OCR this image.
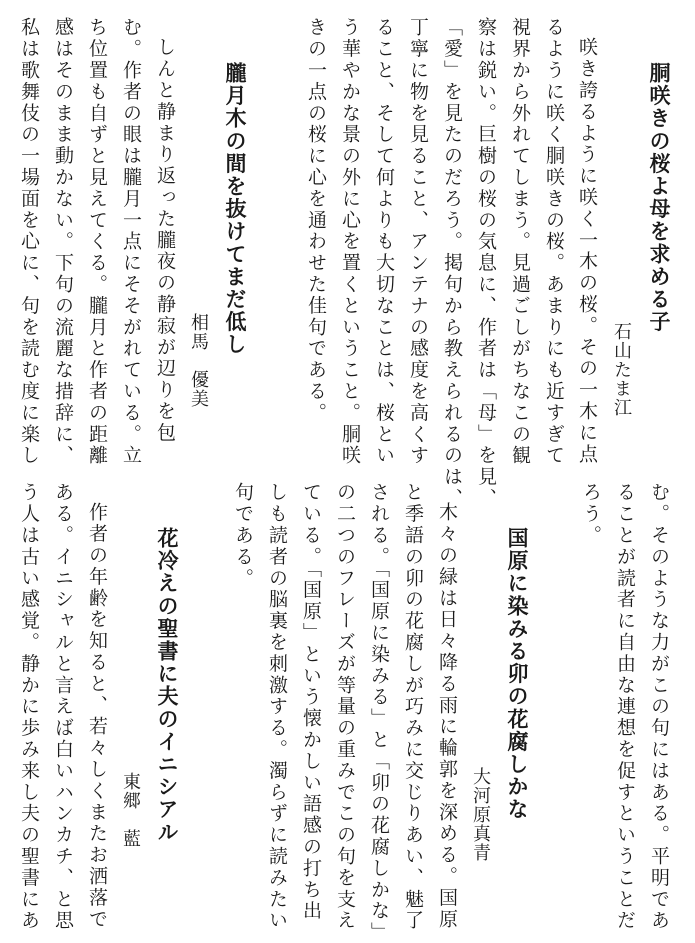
胴咲きの桜よ母を求める子
石山たま江
咲き誇るように咲く一木の桜。その一木に点
るように咲く胴咲きの桜。あまりにも近すぎて
視界から外れてしまう。見過ごしがちなこの観
察は鋭い。巨樹の桜の気息に、作者は「母」を見、
「愛」を見たのだろう。掲句から教えられるのは、
丁寧に物を見ること、アンテナの感度を高くす
ること、そして何よりも大切なことは、桜とい
う華やかな景の外に心を置くということ。胴咲
きの一点の桜に心を通わせた佳句である。
朧月木の間を抜けてまだ低し
相馬　優美
しんと静まり返った朧夜の静寂が辺りを包
む。作者の眼は朧月一点にそそがれている。立
ち位置も自ずと見えてくる。朧月と作者の距離
感はそのまま動かない。下句の流麗な措辞に、
私は歌舞伎の一場面を心に、句を読む度に楽し
む。そのような力がこの句にはある。平明であ
ることが読者に自由な連想を促すということだ
ろう。
国原に染みる卯の花腐しかな
大河原真青
木々の緑は日々降る雨に輪郭を深める。国原
と季語の卯の花腐しが巧みに交じりあい、魅了
される。「国原に染みる」と「卯の花腐しかな」
の二つのフレーズが等量の重みでこの句を支え
ている。「国原」という懐かしい語感の打ち出
しも読者の脳裏を刺激する。濁らずに読みたい
句である。
花冷えの聖書に夫のイニシアル
東郷　藍
作者の年齢を知ると、若々しくまたお洒落で
ある。イニシャルと言えば白いハンカチ、と思
う人は古い感覚。静かに歩み来し夫の聖書にあ
